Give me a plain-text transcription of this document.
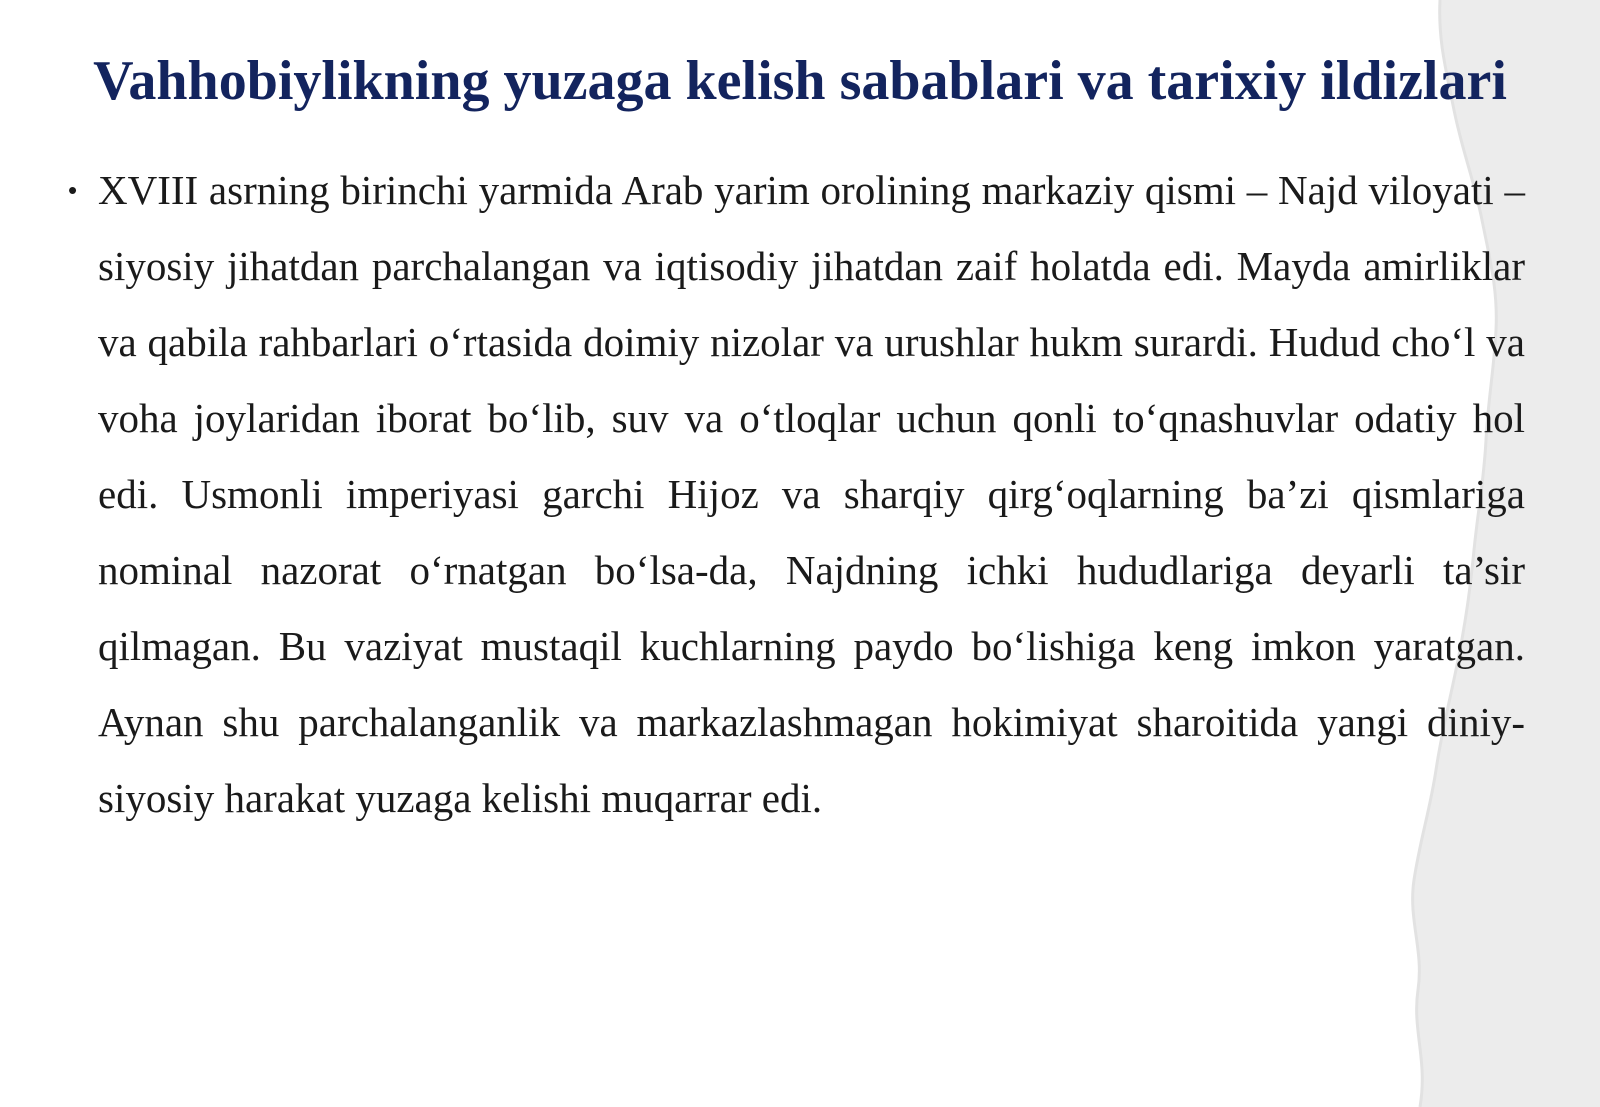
Vahhobiylikning yuzaga kelish sabablari va tarixiy ildizlari
• XVIII asrning birinchi yarmida Arab yarim orolining markaziy qismi – Najd viloyati – siyosiy jihatdan parchalangan va iqtisodiy jihatdan zaif holatda edi. Mayda amirliklar va qabila rahbarlari o‘rtasida doimiy nizolar va urushlar hukm surardi. Hudud cho‘l va voha joylaridan iborat bo‘lib, suv va o‘tloqlar uchun qonli to‘qnashuvlar odatiy hol edi. Usmonli imperiyasi garchi Hijoz va sharqiy qirg‘oqlarning ba’zi qismlariga nominal nazorat o‘rnatgan bo‘lsa-da, Najdning ichki hududlariga deyarli ta’sir qilmagan. Bu vaziyat mustaqil kuchlarning paydo bo‘lishiga keng imkon yaratgan. Aynan shu parchalanganlik va markazlashmagan hokimiyat sharoitida yangi diniy-siyosiy harakat yuzaga kelishi muqarrar edi.
